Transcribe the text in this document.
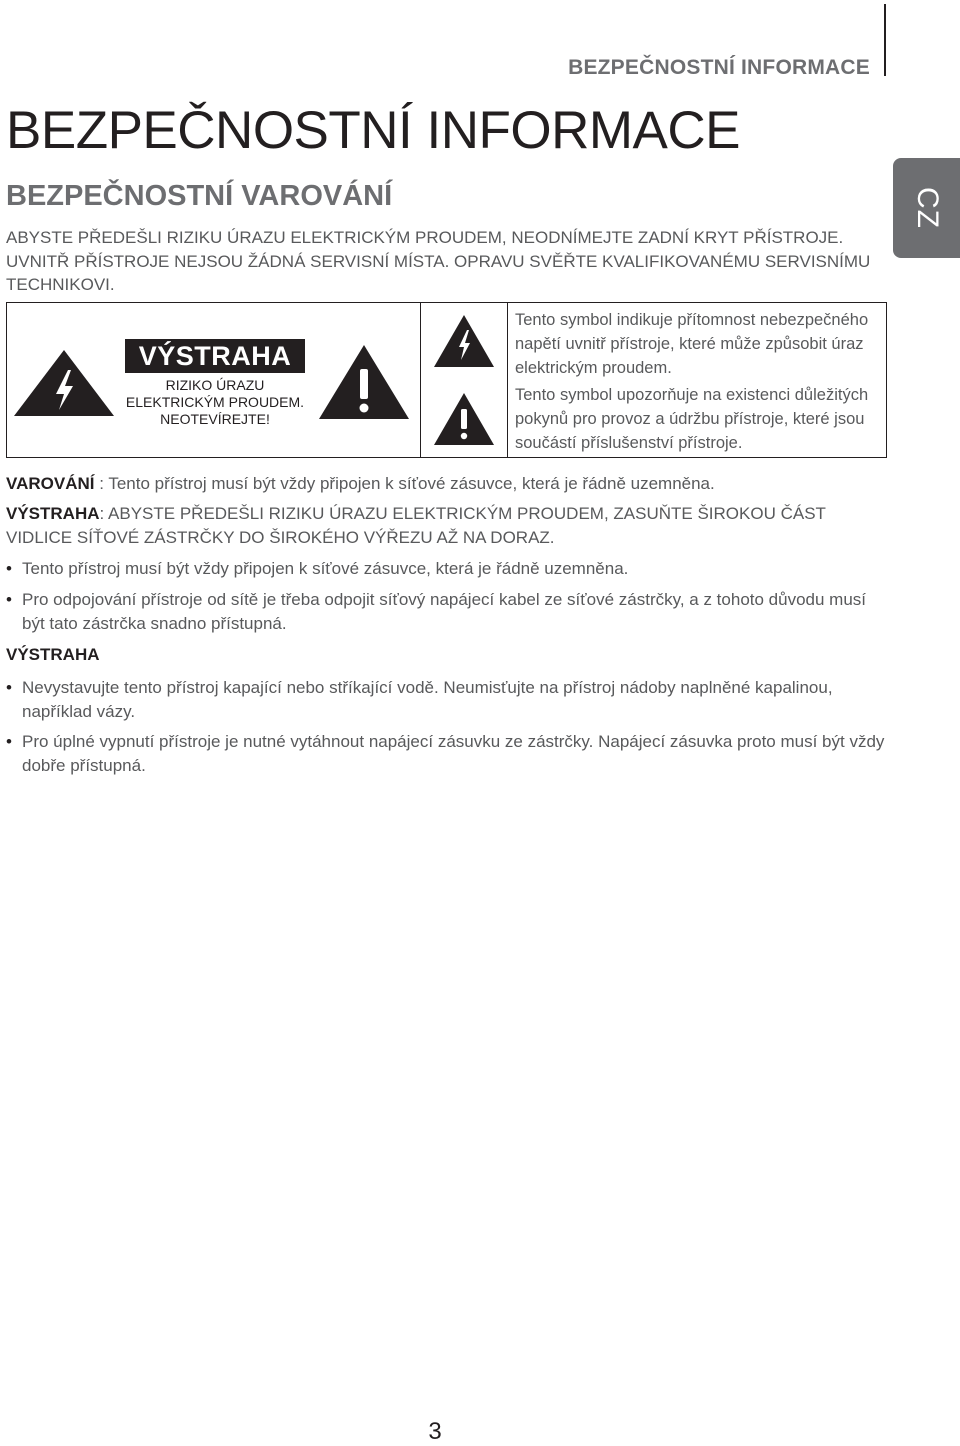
BEZPEČNOSTNÍ INFORMACE
CZ
BEZPEČNOSTNÍ INFORMACE
BEZPEČNOSTNÍ VAROVÁNÍ

ABYSTE PŘEDEŠLI RIZIKU ÚRAZU ELEKTRICKÝM PROUDEM, NEODNÍMEJTE ZADNÍ KRYT PŘÍSTROJE. UVNITŘ PŘÍSTROJE NEJSOU ŽÁDNÁ SERVISNÍ MÍSTA. OPRAVU SVĚŘTE KVALIFIKOVANÉMU SERVISNÍMU TECHNIKOVI.

VÝSTRAHA
RIZIKO ÚRAZU
ELEKTRICKÝM PROUDEM.
NEOTEVÍREJTE!

Tento symbol indikuje přítomnost nebezpečného napětí uvnitř přístroje, které může způsobit úraz elektrickým proudem.

Tento symbol upozorňuje na existenci důležitých pokynů pro provoz a údržbu přístroje, které jsou součástí příslušenství přístroje.

VAROVÁNÍ : Tento přístroj musí být vždy připojen k síťové zásuvce, která je řádně uzemněna.

VÝSTRAHA: ABYSTE PŘEDEŠLI RIZIKU ÚRAZU ELEKTRICKÝM PROUDEM, ZASUŇTE ŠIROKOU ČÁST VIDLICE SÍŤOVÉ ZÁSTRČKY DO ŠIROKÉHO VÝŘEZU AŽ NA DORAZ.

• Tento přístroj musí být vždy připojen k síťové zásuvce, která je řádně uzemněna.

• Pro odpojování přístroje od sítě je třeba odpojit síťový napájecí kabel ze síťové zástrčky, a z tohoto důvodu musí být tato zástrčka snadno přístupná.

VÝSTRAHA

• Nevystavujte tento přístroj kapající nebo stříkající vodě. Neumisťujte na přístroj nádoby naplněné kapalinou, například vázy.

• Pro úplné vypnutí přístroje je nutné vytáhnout napájecí zásuvku ze zástrčky. Napájecí zásuvka proto musí být vždy dobře přístupná.

3
